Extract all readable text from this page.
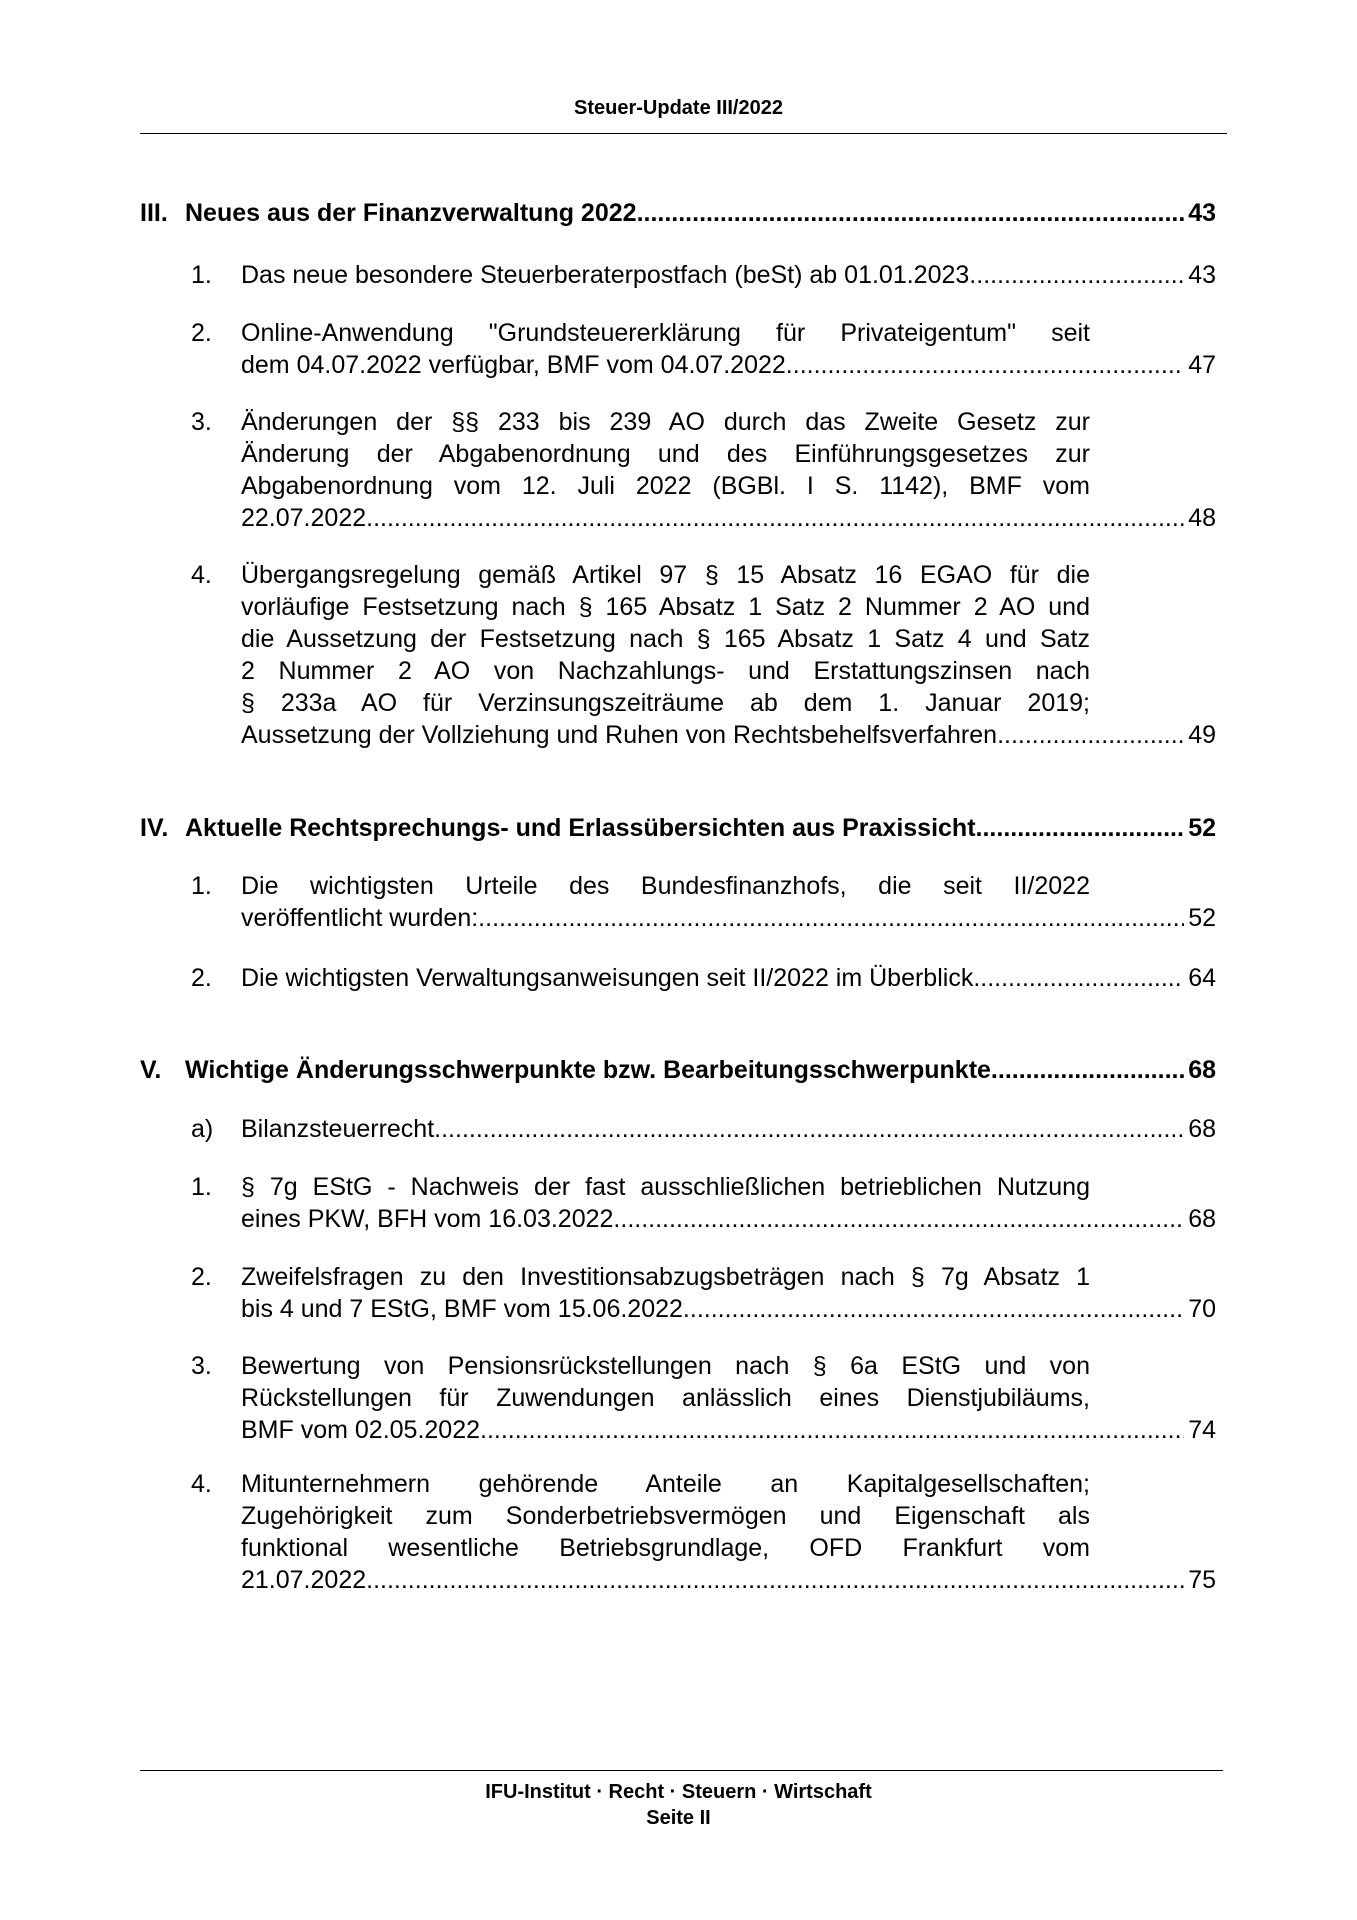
Steuer-Update III/2022
III. Neues aus der Finanzverwaltung 2022 .....	43
1. Das neue besondere Steuerberaterpostfach (beSt) ab 01.01.2023 .....	43
2. Online-Anwendung "Grundsteuererklärung für Privateigentum" seit
dem 04.07.2022 verfügbar, BMF vom 04.07.2022 .....	47
3. Änderungen der §§ 233 bis 239 AO durch das Zweite Gesetz zur
Änderung der Abgabenordnung und des Einführungsgesetzes zur
Abgabenordnung vom 12. Juli 2022 (BGBl. I S. 1142), BMF vom
22.07.2022 .....	48
4. Übergangsregelung gemäß Artikel 97 § 15 Absatz 16 EGAO für die
vorläufige Festsetzung nach § 165 Absatz 1 Satz 2 Nummer 2 AO und
die Aussetzung der Festsetzung nach § 165 Absatz 1 Satz 4 und Satz
2 Nummer 2 AO von Nachzahlungs- und Erstattungszinsen nach
§ 233a AO für Verzinsungszeiträume ab dem 1. Januar 2019;
Aussetzung der Vollziehung und Ruhen von Rechtsbehelfsverfahren .....	49
IV. Aktuelle Rechtsprechungs- und Erlassübersichten aus Praxissicht .....	52
1. Die wichtigsten Urteile des Bundesfinanzhofs, die seit II/2022
veröffentlicht wurden: .....	52
2. Die wichtigsten Verwaltungsanweisungen seit II/2022 im Überblick .....	64
V. Wichtige Änderungsschwerpunkte bzw. Bearbeitungsschwerpunkte .....	68
a) Bilanzsteuerrecht .....	68
1. § 7g EStG - Nachweis der fast ausschließlichen betrieblichen Nutzung
eines PKW, BFH vom 16.03.2022 .....	68
2. Zweifelsfragen zu den Investitionsabzugsbeträgen nach § 7g Absatz 1
bis 4 und 7 EStG, BMF vom 15.06.2022 .....	70
3. Bewertung von Pensionsrückstellungen nach § 6a EStG und von
Rückstellungen für Zuwendungen anlässlich eines Dienstjubiläums,
BMF vom 02.05.2022 .....	74
4. Mitunternehmern gehörende Anteile an Kapitalgesellschaften;
Zugehörigkeit zum Sonderbetriebsvermögen und Eigenschaft als
funktional wesentliche Betriebsgrundlage, OFD Frankfurt vom
21.07.2022 .....	75
IFU-Institut · Recht · Steuern · Wirtschaft
Seite II
